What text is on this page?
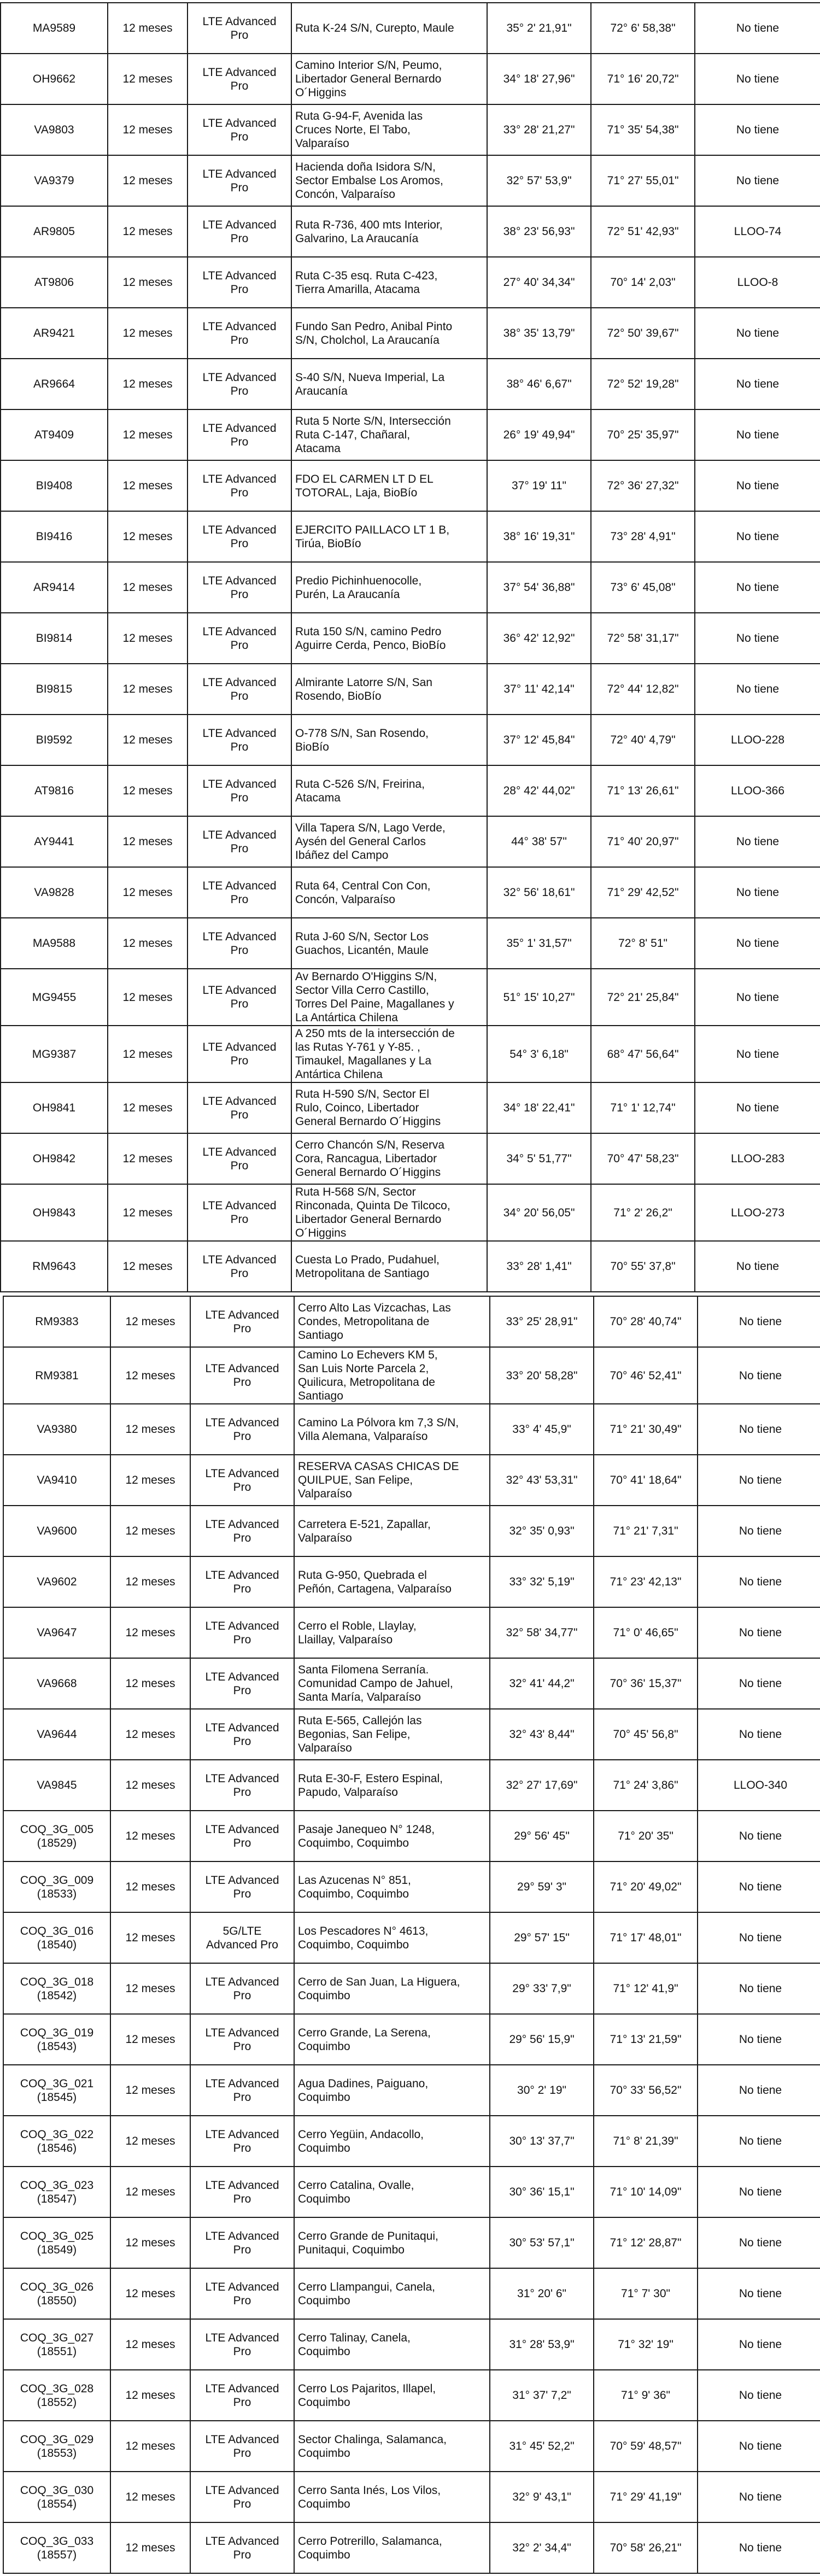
MA9589	12 meses	LTE Advanced
Pro	Ruta K-24 S/N, Curepto, Maule	35° 2' 21,91"	72° 6' 58,38"	No tiene
OH9662	12 meses	LTE Advanced
Pro	Camino Interior S/N, Peumo,
Libertador General Bernardo
O´Higgins	34° 18' 27,96"	71° 16' 20,72"	No tiene
VA9803	12 meses	LTE Advanced
Pro	Ruta G-94-F, Avenida las
Cruces Norte, El Tabo,
Valparaíso	33° 28' 21,27"	71° 35' 54,38"	No tiene
VA9379	12 meses	LTE Advanced
Pro	Hacienda doña Isidora S/N,
Sector Embalse Los Aromos,
Concón, Valparaíso	32° 57' 53,9"	71° 27' 55,01"	No tiene
AR9805	12 meses	LTE Advanced
Pro	Ruta R-736, 400 mts Interior,
Galvarino, La Araucanía	38° 23' 56,93"	72° 51' 42,93"	LLOO-74
AT9806	12 meses	LTE Advanced
Pro	Ruta C-35 esq. Ruta C-423,
Tierra Amarilla, Atacama	27° 40' 34,34"	70° 14' 2,03"	LLOO-8
AR9421	12 meses	LTE Advanced
Pro	Fundo San Pedro, Anibal Pinto
S/N, Cholchol, La Araucanía	38° 35' 13,79"	72° 50' 39,67"	No tiene
AR9664	12 meses	LTE Advanced
Pro	S-40 S/N, Nueva Imperial, La
Araucanía	38° 46' 6,67"	72° 52' 19,28"	No tiene
AT9409	12 meses	LTE Advanced
Pro	Ruta 5 Norte S/N, Intersección
Ruta C-147, Chañaral,
Atacama	26° 19' 49,94"	70° 25' 35,97"	No tiene
BI9408	12 meses	LTE Advanced
Pro	FDO EL CARMEN LT D EL
TOTORAL, Laja, BioBío	37° 19' 11"	72° 36' 27,32"	No tiene
BI9416	12 meses	LTE Advanced
Pro	EJERCITO PAILLACO LT 1 B,
Tirúa, BioBío	38° 16' 19,31"	73° 28' 4,91"	No tiene
AR9414	12 meses	LTE Advanced
Pro	Predio Pichinhuenocolle,
Purén, La Araucanía	37° 54' 36,88"	73° 6' 45,08"	No tiene
BI9814	12 meses	LTE Advanced
Pro	Ruta 150 S/N, camino Pedro
Aguirre Cerda, Penco, BioBío	36° 42' 12,92"	72° 58' 31,17"	No tiene
BI9815	12 meses	LTE Advanced
Pro	Almirante Latorre S/N, San
Rosendo, BioBío	37° 11' 42,14"	72° 44' 12,82"	No tiene
BI9592	12 meses	LTE Advanced
Pro	O-778 S/N, San Rosendo,
BioBío	37° 12' 45,84"	72° 40' 4,79"	LLOO-228
AT9816	12 meses	LTE Advanced
Pro	Ruta C-526 S/N, Freirina,
Atacama	28° 42' 44,02"	71° 13' 26,61"	LLOO-366
AY9441	12 meses	LTE Advanced
Pro	Villa Tapera S/N, Lago Verde,
Aysén del General Carlos
Ibáñez del Campo	44° 38' 57"	71° 40' 20,97"	No tiene
VA9828	12 meses	LTE Advanced
Pro	Ruta 64, Central Con Con,
Concón, Valparaíso	32° 56' 18,61"	71° 29' 42,52"	No tiene
MA9588	12 meses	LTE Advanced
Pro	Ruta J-60 S/N, Sector Los
Guachos, Licantén, Maule	35° 1' 31,57"	72° 8' 51"	No tiene
MG9455	12 meses	LTE Advanced
Pro	Av Bernardo O'Higgins S/N,
Sector Villa Cerro Castillo,
Torres Del Paine, Magallanes y
La Antártica Chilena	51° 15' 10,27"	72° 21' 25,84"	No tiene
MG9387	12 meses	LTE Advanced
Pro	A 250 mts de la intersección de
las Rutas Y-761 y Y-85. ,
Timaukel, Magallanes y La
Antártica Chilena	54° 3' 6,18"	68° 47' 56,64"	No tiene
OH9841	12 meses	LTE Advanced
Pro	Ruta H-590 S/N, Sector El
Rulo, Coinco, Libertador
General Bernardo O´Higgins	34° 18' 22,41"	71° 1' 12,74"	No tiene
OH9842	12 meses	LTE Advanced
Pro	Cerro Chancón S/N, Reserva
Cora, Rancagua, Libertador
General Bernardo O´Higgins	34° 5' 51,77"	70° 47' 58,23"	LLOO-283
OH9843	12 meses	LTE Advanced
Pro	Ruta H-568 S/N, Sector
Rinconada, Quinta De Tilcoco,
Libertador General Bernardo
O´Higgins	34° 20' 56,05"	71° 2' 26,2"	LLOO-273
RM9643	12 meses	LTE Advanced
Pro	Cuesta Lo Prado, Pudahuel,
Metropolitana de Santiago	33° 28' 1,41"	70° 55' 37,8"	No tiene
RM9383	12 meses	LTE Advanced
Pro	Cerro Alto Las Vizcachas, Las
Condes, Metropolitana de
Santiago	33° 25' 28,91"	70° 28' 40,74"	No tiene
RM9381	12 meses	LTE Advanced
Pro	Camino Lo Echevers KM 5,
San Luis Norte Parcela 2,
Quilicura, Metropolitana de
Santiago	33° 20' 58,28"	70° 46' 52,41"	No tiene
VA9380	12 meses	LTE Advanced
Pro	Camino La Pólvora km 7,3 S/N,
Villa Alemana, Valparaíso	33° 4' 45,9"	71° 21' 30,49"	No tiene
VA9410	12 meses	LTE Advanced
Pro	RESERVA CASAS CHICAS DE
QUILPUE, San Felipe,
Valparaíso	32° 43' 53,31"	70° 41' 18,64"	No tiene
VA9600	12 meses	LTE Advanced
Pro	Carretera E-521, Zapallar,
Valparaíso	32° 35' 0,93"	71° 21' 7,31"	No tiene
VA9602	12 meses	LTE Advanced
Pro	Ruta G-950, Quebrada el
Peñón, Cartagena, Valparaíso	33° 32' 5,19"	71° 23' 42,13"	No tiene
VA9647	12 meses	LTE Advanced
Pro	Cerro el Roble, Llaylay,
Llaillay, Valparaíso	32° 58' 34,77"	71° 0' 46,65"	No tiene
VA9668	12 meses	LTE Advanced
Pro	Santa Filomena Serranía.
Comunidad Campo de Jahuel,
Santa María, Valparaíso	32° 41' 44,2"	70° 36' 15,37"	No tiene
VA9644	12 meses	LTE Advanced
Pro	Ruta E-565, Callejón las
Begonias, San Felipe,
Valparaíso	32° 43' 8,44"	70° 45' 56,8"	No tiene
VA9845	12 meses	LTE Advanced
Pro	Ruta E-30-F, Estero Espinal,
Papudo, Valparaíso	32° 27' 17,69"	71° 24' 3,86"	LLOO-340
COQ_3G_005
(18529)	12 meses	LTE Advanced
Pro	Pasaje Janequeo N° 1248,
Coquimbo, Coquimbo	29° 56' 45"	71° 20' 35"	No tiene
COQ_3G_009
(18533)	12 meses	LTE Advanced
Pro	Las Azucenas N° 851,
Coquimbo, Coquimbo	29° 59' 3"	71° 20' 49,02"	No tiene
COQ_3G_016
(18540)	12 meses	5G/LTE
Advanced Pro	Los Pescadores N° 4613,
Coquimbo, Coquimbo	29° 57' 15"	71° 17' 48,01"	No tiene
COQ_3G_018
(18542)	12 meses	LTE Advanced
Pro	Cerro de San Juan, La Higuera,
Coquimbo	29° 33' 7,9"	71° 12' 41,9"	No tiene
COQ_3G_019
(18543)	12 meses	LTE Advanced
Pro	Cerro Grande, La Serena,
Coquimbo	29° 56' 15,9"	71° 13' 21,59"	No tiene
COQ_3G_021
(18545)	12 meses	LTE Advanced
Pro	Agua Dadines, Paiguano,
Coquimbo	30° 2' 19"	70° 33' 56,52"	No tiene
COQ_3G_022
(18546)	12 meses	LTE Advanced
Pro	Cerro Yegüin, Andacollo,
Coquimbo	30° 13' 37,7"	71° 8' 21,39"	No tiene
COQ_3G_023
(18547)	12 meses	LTE Advanced
Pro	Cerro Catalina, Ovalle,
Coquimbo	30° 36' 15,1"	71° 10' 14,09"	No tiene
COQ_3G_025
(18549)	12 meses	LTE Advanced
Pro	Cerro Grande de Punitaqui,
Punitaqui, Coquimbo	30° 53' 57,1"	71° 12' 28,87"	No tiene
COQ_3G_026
(18550)	12 meses	LTE Advanced
Pro	Cerro Llampangui, Canela,
Coquimbo	31° 20' 6"	71° 7' 30"	No tiene
COQ_3G_027
(18551)	12 meses	LTE Advanced
Pro	Cerro Talinay, Canela,
Coquimbo	31° 28' 53,9"	71° 32' 19"	No tiene
COQ_3G_028
(18552)	12 meses	LTE Advanced
Pro	Cerro Los Pajaritos, Illapel,
Coquimbo	31° 37' 7,2"	71° 9' 36"	No tiene
COQ_3G_029
(18553)	12 meses	LTE Advanced
Pro	Sector Chalinga, Salamanca,
Coquimbo	31° 45' 52,2"	70° 59' 48,57"	No tiene
COQ_3G_030
(18554)	12 meses	LTE Advanced
Pro	Cerro Santa Inés, Los Vilos,
Coquimbo	32° 9' 43,1"	71° 29' 41,19"	No tiene
COQ_3G_033
(18557)	12 meses	LTE Advanced
Pro	Cerro Potrerillo, Salamanca,
Coquimbo	32° 2' 34,4"	70° 58' 26,21"	No tiene
